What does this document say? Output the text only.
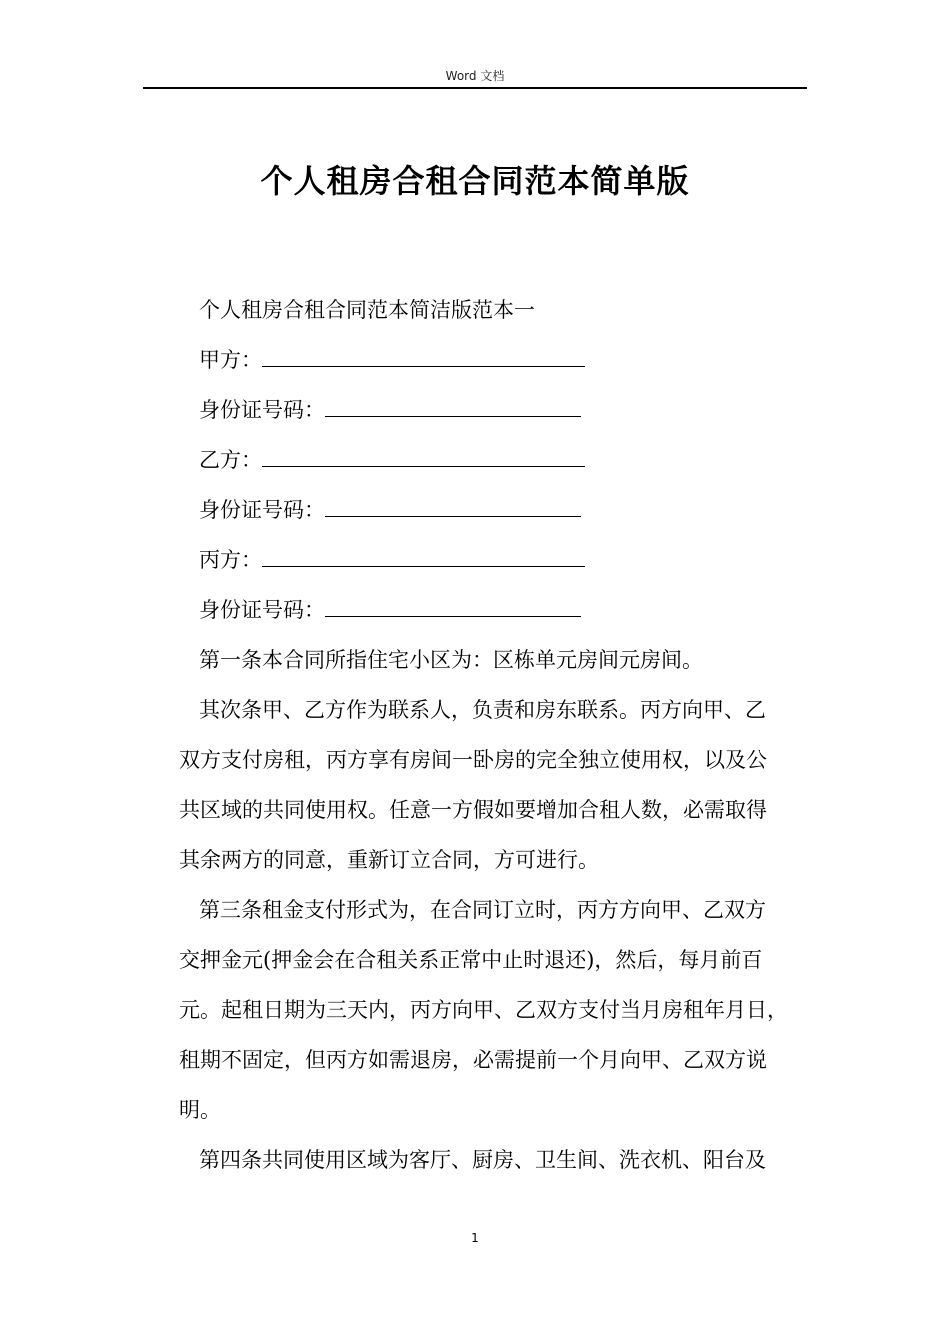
Word 文档
个人租房合租合同范本简单版
个人租房合租合同范本简洁版范本一
甲方：
身份证号码：
乙方：
身份证号码：
丙方：
身份证号码：
第一条本合同所指住宅小区为：区栋单元房间元房间。
其次条甲、乙方作为联系人，负责和房东联系。丙方向甲、乙
双方支付房租，丙方享有房间一卧房的完全独立使用权，以及公
共区域的共同使用权。任意一方假如要增加合租人数，必需取得
其余两方的同意，重新订立合同，方可进行。
第三条租金支付形式为，在合同订立时，丙方方向甲、乙双方
交押金元(押金会在合租关系正常中止时退还)，然后，每月前百
元。起租日期为三天内，丙方向甲、乙双方支付当月房租年月日，
租期不固定，但丙方如需退房，必需提前一个月向甲、乙双方说
明。
第四条共同使用区域为客厅、厨房、卫生间、洗衣机、阳台及
1
